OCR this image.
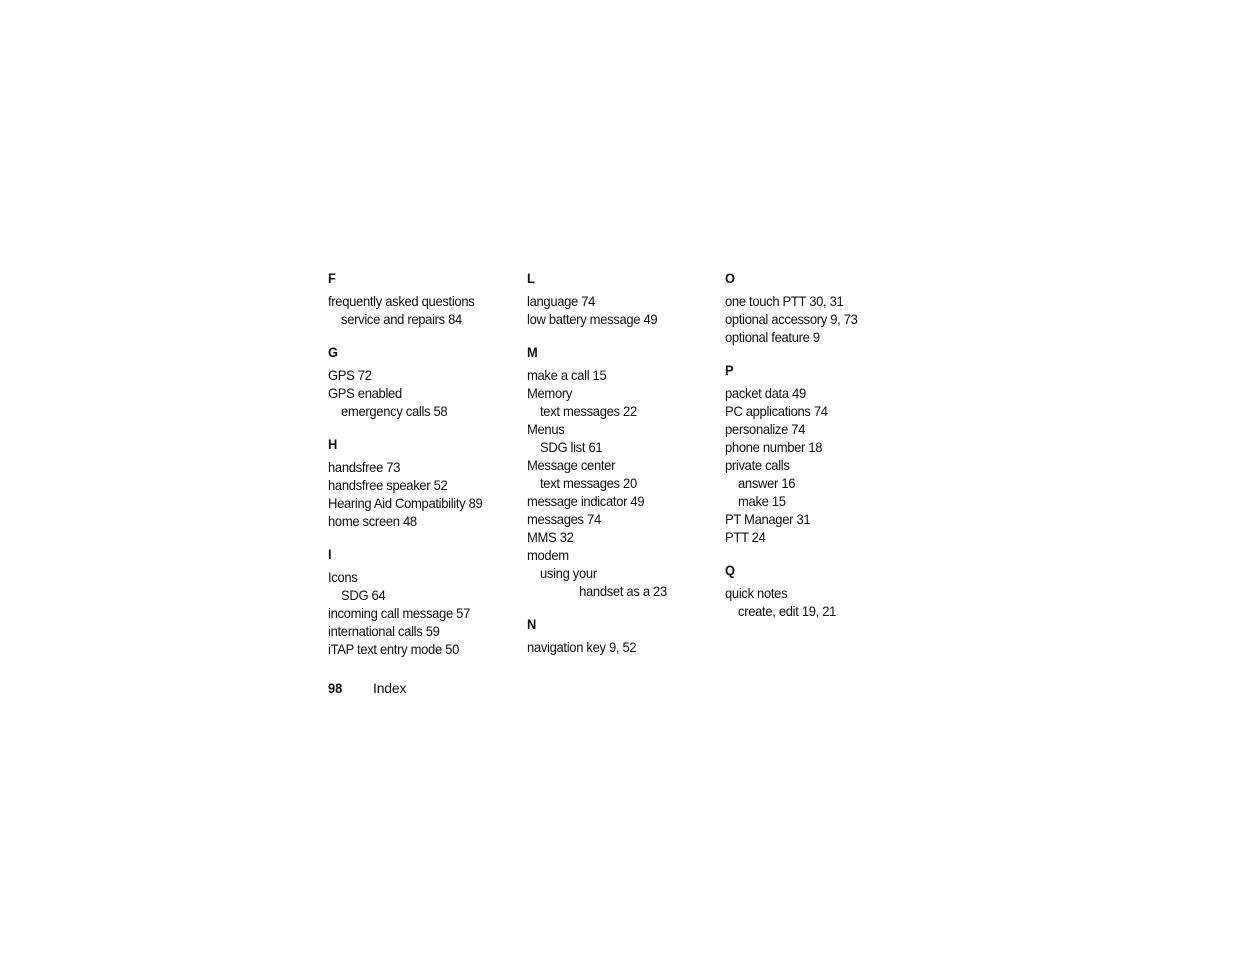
F
frequently asked questions
service and repairs 84
G
GPS 72
GPS enabled
emergency calls 58
H
handsfree 73
handsfree speaker 52
Hearing Aid Compatibility 89
home screen 48
I
Icons
SDG 64
incoming call message 57
international calls 59
iTAP text entry mode 50
L
language 74
low battery message 49
M
make a call 15
Memory
text messages 22
Menus
SDG list 61
Message center
text messages 20
message indicator 49
messages 74
MMS 32
modem
using your
handset as a 23
N
navigation key 9, 52
O
one touch PTT 30, 31
optional accessory 9, 73
optional feature 9
P
packet data 49
PC applications 74
personalize 74
phone number 18
private calls
answer 16
make 15
PT Manager 31
PTT 24
Q
quick notes
create, edit 19, 21
98 Index
